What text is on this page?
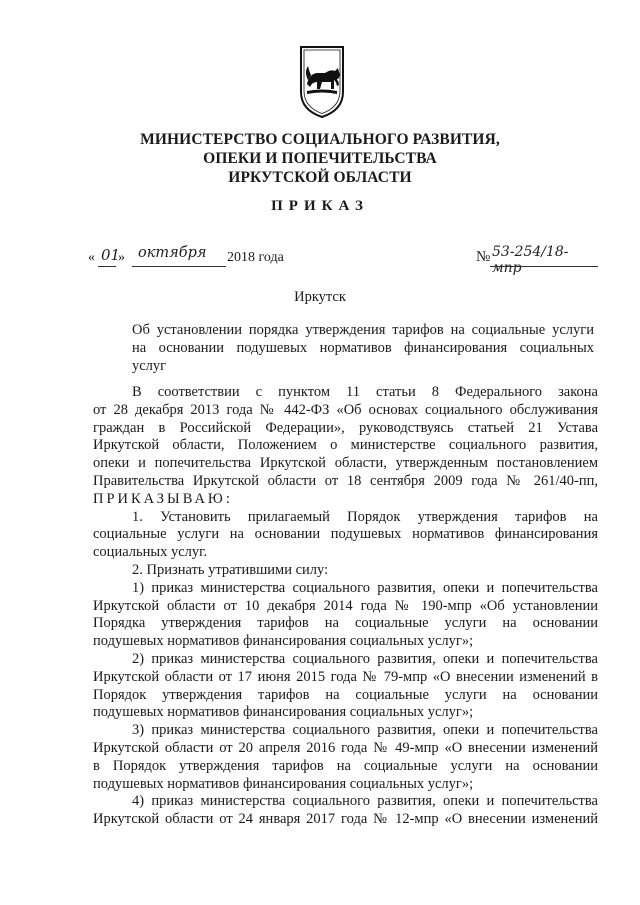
МИНИСТЕРСТВО СОЦИАЛЬНОГО РАЗВИТИЯ,
ОПЕКИ И ПОПЕЧИТЕЛЬСТВА
ИРКУТСКОЙ ОБЛАСТИ
ПРИКАЗ
« 01
» октября 2018 года	№ 53-254/18-мпр
Иркутск
Об установлении порядка утверждения тарифов на социальные услуги
на основании подушевых нормативов финансирования социальных
услуг
В соответствии с пунктом 11 статьи 8 Федерального закона
от 28 декабря 2013 года № 442-ФЗ «Об основах социального обслуживания
граждан в Российской Федерации», руководствуясь статьей 21 Устава
Иркутской области, Положением о министерстве социального развития,
опеки и попечительства Иркутской области, утвержденным постановлением
Правительства Иркутской области от 18 сентября 2009 года № 261/40-пп,
ПРИКАЗЫВАЮ:
1. Установить прилагаемый Порядок утверждения тарифов на
социальные услуги на основании подушевых нормативов финансирования
социальных услуг.
2. Признать утратившими силу:
1) приказ министерства социального развития, опеки и попечительства
Иркутской области от 10 декабря 2014 года № 190-мпр «Об установлении
Порядка утверждения тарифов на социальные услуги на основании
подушевых нормативов финансирования социальных услуг»;
2) приказ министерства социального развития, опеки и попечительства
Иркутской области от 17 июня 2015 года № 79-мпр «О внесении изменений в
Порядок утверждения тарифов на социальные услуги на основании
подушевых нормативов финансирования социальных услуг»;
3) приказ министерства социального развития, опеки и попечительства
Иркутской области от 20 апреля 2016 года № 49-мпр «О внесении изменений
в Порядок утверждения тарифов на социальные услуги на основании
подушевых нормативов финансирования социальных услуг»;
4) приказ министерства социального развития, опеки и попечительства
Иркутской области от 24 января 2017 года № 12-мпр «О внесении изменений
